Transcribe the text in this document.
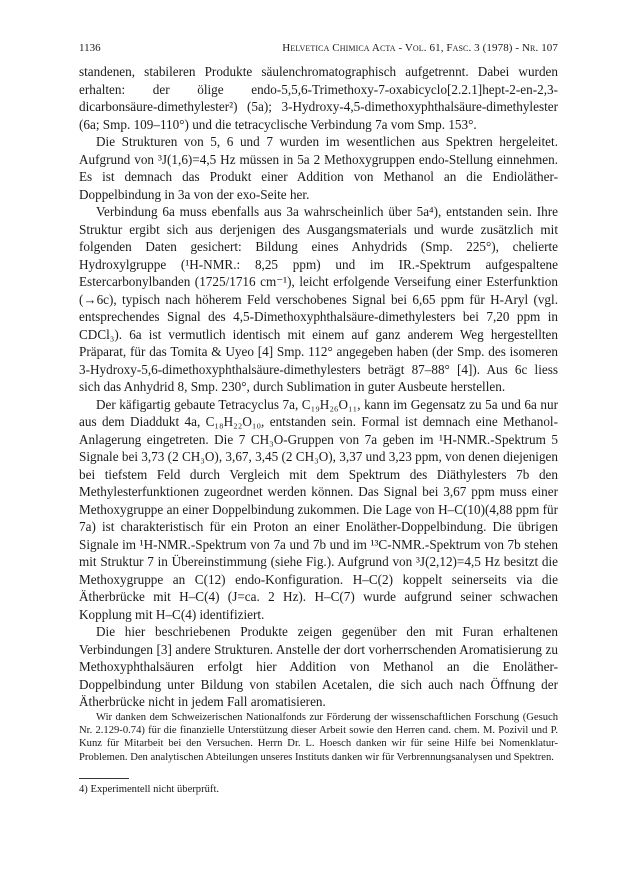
1136	Helvetica Chimica Acta - Vol. 61, Fasc. 3 (1978) - Nr. 107

standenen, stabileren Produkte säulenchromatographisch aufgetrennt. Dabei wurden erhalten: der ölige endo-5,5,6-Trimethoxy-7-oxabicyclo[2.2.1]hept-2-en-2,3-dicarbonsäure-dimethylester²) (5a); 3-Hydroxy-4,5-dimethoxyphthalsäure-dimethylester (6a; Smp. 109–110°) und die tetracyclische Verbindung 7a vom Smp. 153°.

Die Strukturen von 5, 6 und 7 wurden im wesentlichen aus Spektren hergeleitet. Aufgrund von ³J(1,6)=4,5 Hz müssen in 5a 2 Methoxygruppen endo-Stellung einnehmen. Es ist demnach das Produkt einer Addition von Methanol an die Endioläther-Doppelbindung in 3a von der exo-Seite her.

Verbindung 6a muss ebenfalls aus 3a wahrscheinlich über 5a⁴), entstanden sein. Ihre Struktur ergibt sich aus derjenigen des Ausgangsmaterials und wurde zusätzlich mit folgenden Daten gesichert: Bildung eines Anhydrids (Smp. 225°), chelierte Hydroxylgruppe (¹H-NMR.: 8,25 ppm) und im IR.-Spektrum aufgespaltene Estercarbonylbanden (1725/1716 cm⁻¹), leicht erfolgende Verseifung einer Esterfunktion (→6c), typisch nach höherem Feld verschobenes Signal bei 6,65 ppm für H-Aryl (vgl. entsprechendes Signal des 4,5-Dimethoxyphthalsäure-dimethylesters bei 7,20 ppm in CDCl₃). 6a ist vermutlich identisch mit einem auf ganz anderem Weg hergestellten Präparat, für das Tomita & Uyeo [4] Smp. 112° angegeben haben (der Smp. des isomeren 3-Hydroxy-5,6-dimethoxyphthalsäure-dimethylesters beträgt 87–88° [4]). Aus 6c liess sich das Anhydrid 8, Smp. 230°, durch Sublimation in guter Ausbeute herstellen.

Der käfigartig gebaute Tetracyclus 7a, C₁₉H₂₆O₁₁, kann im Gegensatz zu 5a und 6a nur aus dem Diaddukt 4a, C₁₈H₂₂O₁₀, entstanden sein. Formal ist demnach eine Methanol-Anlagerung eingetreten. Die 7 CH₃O-Gruppen von 7a geben im ¹H-NMR.-Spektrum 5 Signale bei 3,73 (2 CH₃O), 3,67, 3,45 (2 CH₃O), 3,37 und 3,23 ppm, von denen diejenigen bei tiefstem Feld durch Vergleich mit dem Spektrum des Diäthylesters 7b den Methylesterfunktionen zugeordnet werden können. Das Signal bei 3,67 ppm muss einer Methoxygruppe an einer Doppelbindung zukommen. Die Lage von H–C(10)(4,88 ppm für 7a) ist charakteristisch für ein Proton an einer Enoläther-Doppelbindung. Die übrigen Signale im ¹H-NMR.-Spektrum von 7a und 7b und im ¹³C-NMR.-Spektrum von 7b stehen mit Struktur 7 in Übereinstimmung (siehe Fig.). Aufgrund von ³J(2,12)=4,5 Hz besitzt die Methoxygruppe an C(12) endo-Konfiguration. H–C(2) koppelt seinerseits via die Ätherbrücke mit H–C(4) (J=ca. 2 Hz). H–C(7) wurde aufgrund seiner schwachen Kopplung mit H–C(4) identifiziert.

Die hier beschriebenen Produkte zeigen gegenüber den mit Furan erhaltenen Verbindungen [3] andere Strukturen. Anstelle der dort vorherrschenden Aromatisierung zu Methoxyphthalsäuren erfolgt hier Addition von Methanol an die Enoläther-Doppelbindung unter Bildung von stabilen Acetalen, die sich auch nach Öffnung der Ätherbrücke nicht in jedem Fall aromatisieren.

Wir danken dem Schweizerischen Nationalfonds zur Förderung der wissenschaftlichen Forschung (Gesuch Nr. 2.129-0.74) für die finanzielle Unterstützung dieser Arbeit sowie den Herren cand. chem. M. Pozivil und P. Kunz für Mitarbeit bei den Versuchen. Herrn Dr. L. Hoesch danken wir für seine Hilfe bei Nomenklatur-Problemen. Den analytischen Abteilungen unseres Instituts danken wir für Verbrennungsanalysen und Spektren.

4) Experimentell nicht überprüft.
